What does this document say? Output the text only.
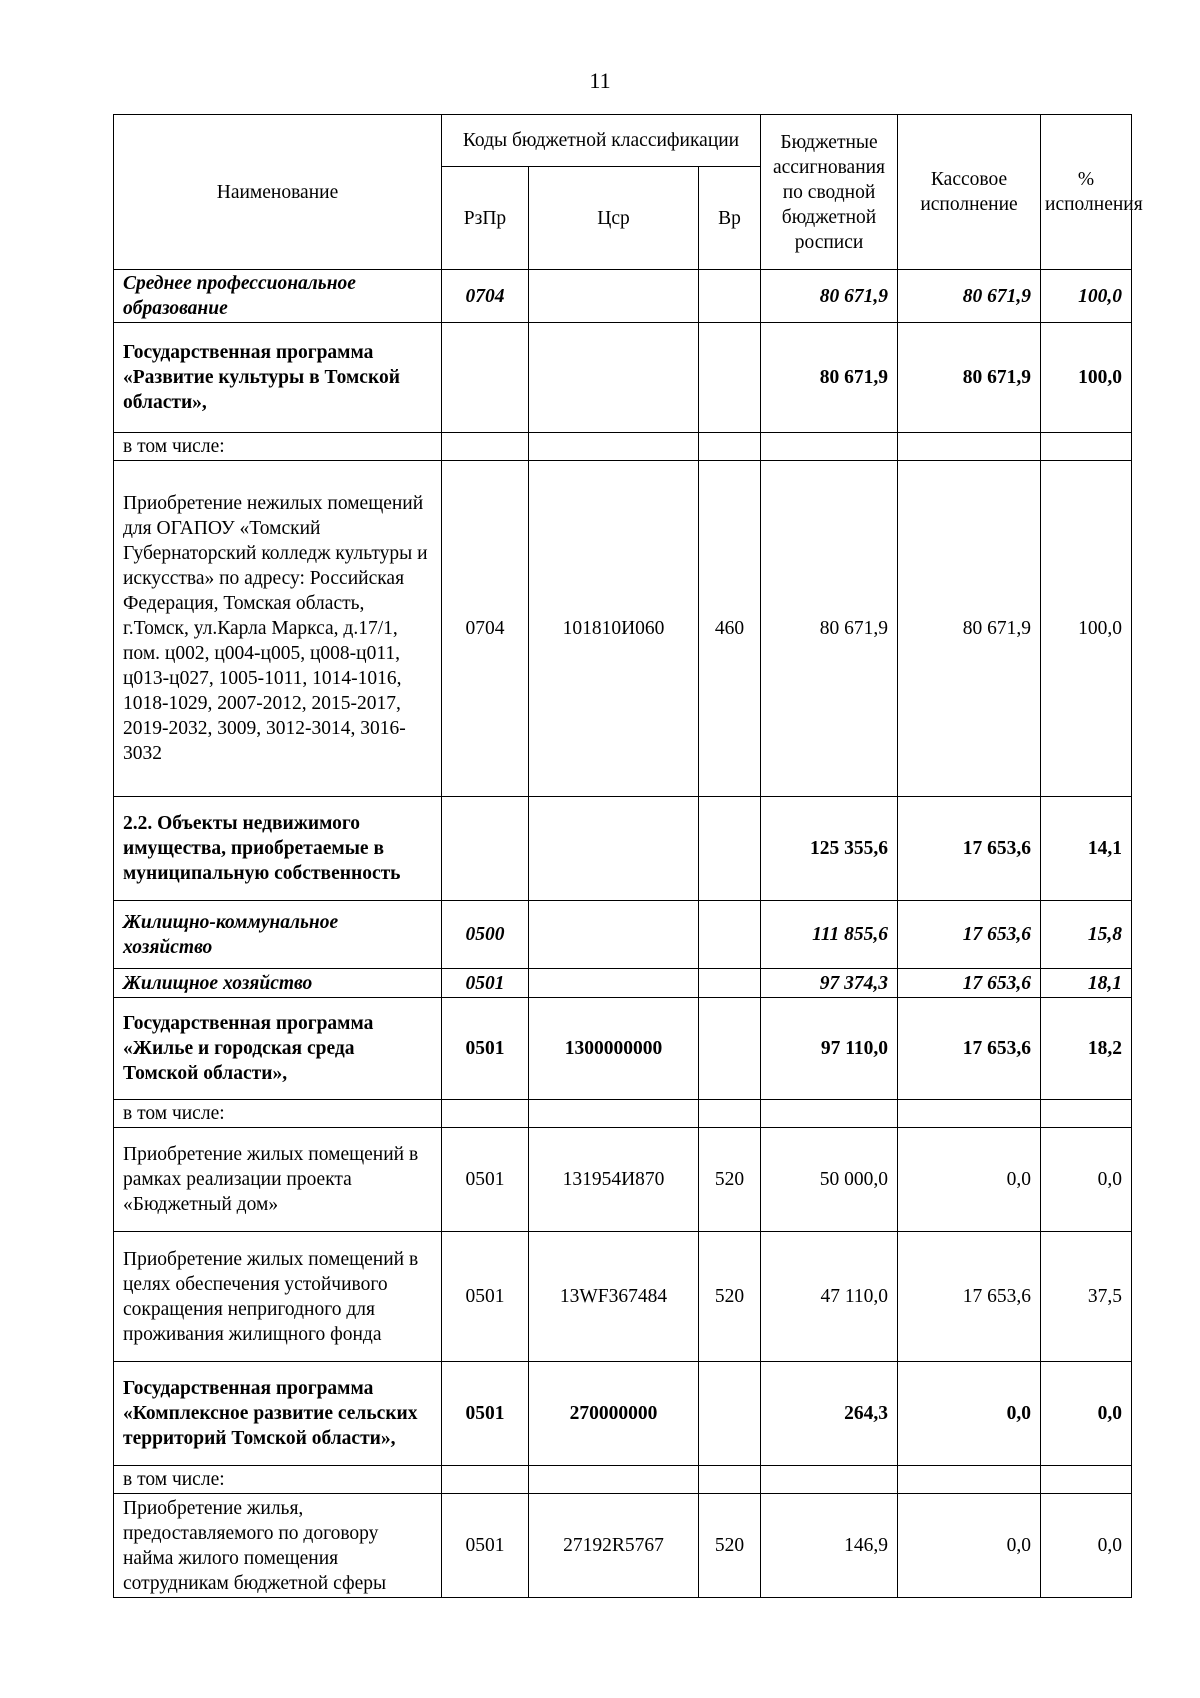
11
Наименование	Коды бюджетной классификации			Бюджетные ассигнования по сводной бюджетной росписи	Кассовое исполнение	% исполнения
	РзПр	Цср	Вр			
Среднее профессиональное образование	0704			80 671,9	80 671,9	100,0
Государственная программа «Развитие культуры в Томской области»,				80 671,9	80 671,9	100,0
в том числе:						
Приобретение нежилых помещений для ОГАПОУ «Томский Губернаторский колледж культуры и искусства» по адресу: Российская Федерация, Томская область, г.Томск, ул.Карла Маркса, д.17/1, пом. ц002, ц004-ц005, ц008-ц011, ц013-ц027, 1005-1011, 1014-1016, 1018-1029, 2007-2012, 2015-2017, 2019-2032, 3009, 3012-3014, 3016-3032	0704	101810И060	460	80 671,9	80 671,9	100,0
2.2. Объекты недвижимого имущества, приобретаемые в муниципальную собственность				125 355,6	17 653,6	14,1
Жилищно-коммунальное хозяйство	0500			111 855,6	17 653,6	15,8
Жилищное хозяйство	0501			97 374,3	17 653,6	18,1
Государственная программа «Жилье и городская среда Томской области»,	0501	1300000000		97 110,0	17 653,6	18,2
в том числе:						
Приобретение жилых помещений в рамках реализации проекта «Бюджетный дом»	0501	131954И870	520	50 000,0	0,0	0,0
Приобретение жилых помещений в целях обеспечения устойчивого сокращения непригодного для проживания жилищного фонда	0501	13WF367484	520	47 110,0	17 653,6	37,5
Государственная программа «Комплексное развитие сельских территорий Томской области»,	0501	270000000		264,3	0,0	0,0
в том числе:						
Приобретение жилья, предоставляемого по договору найма жилого помещения сотрудникам бюджетной сферы	0501	27192R5767	520	146,9	0,0	0,0
